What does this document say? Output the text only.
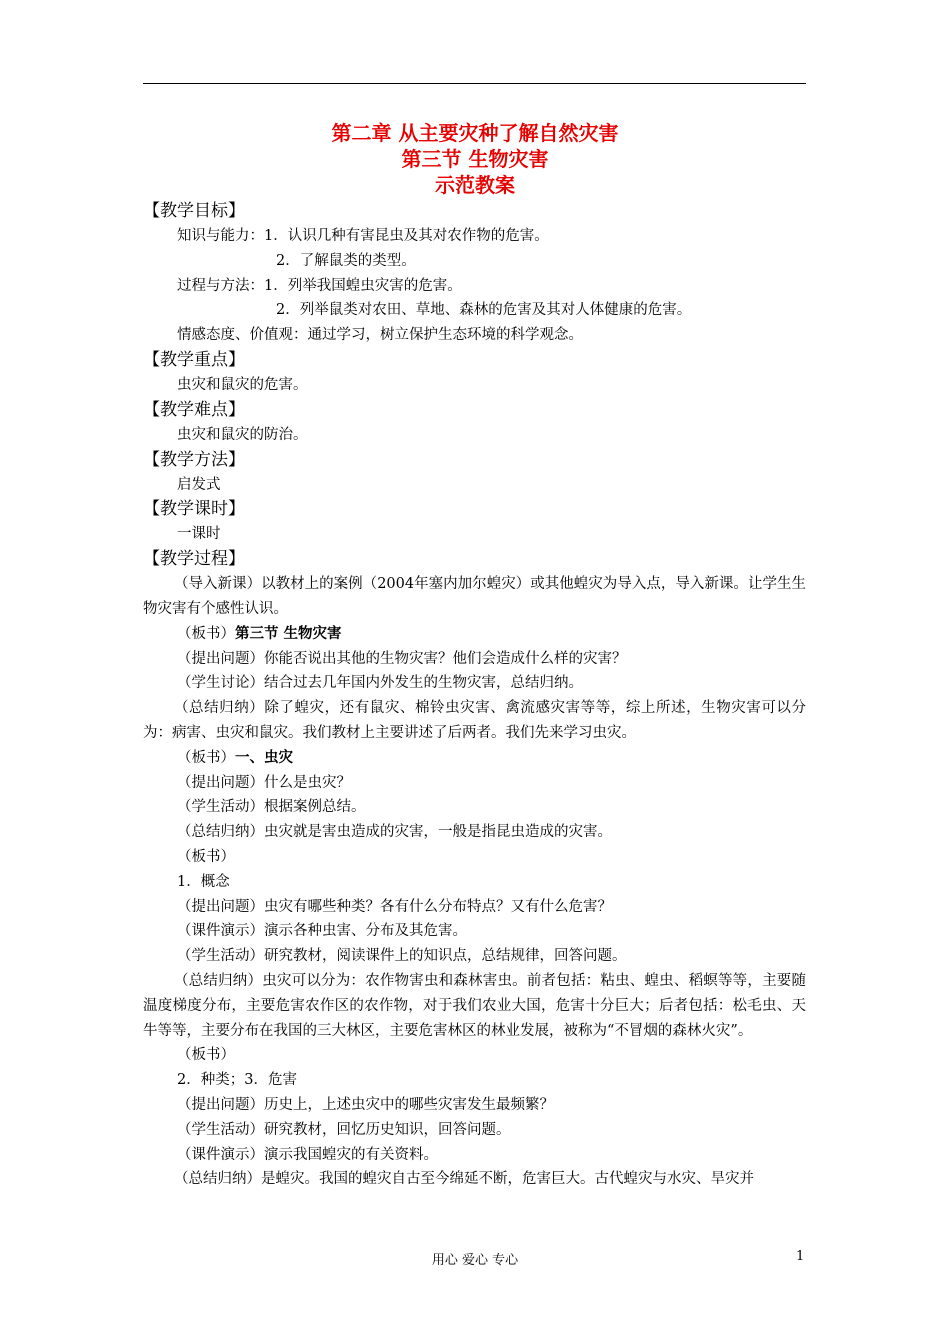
第二章 从主要灾种了解自然灾害
第三节 生物灾害
示范教案
【教学目标】
知识与能力：1．认识几种有害昆虫及其对农作物的危害。
2．了解鼠类的类型。
过程与方法：1．列举我国蝗虫灾害的危害。
2．列举鼠类对农田、草地、森林的危害及其对人体健康的危害。
情感态度、价值观：通过学习，树立保护生态环境的科学观念。
【教学重点】
虫灾和鼠灾的危害。
【教学难点】
虫灾和鼠灾的防治。
【教学方法】
启发式
【教学课时】
一课时
【教学过程】
（导入新课）以教材上的案例（2004年塞内加尔蝗灾）或其他蝗灾为导入点，导入新课。让学生生物灾害有个感性认识。
（板书）第三节 生物灾害
（提出问题）你能否说出其他的生物灾害？他们会造成什么样的灾害？
（学生讨论）结合过去几年国内外发生的生物灾害，总结归纳。
（总结归纳）除了蝗灾，还有鼠灾、棉铃虫灾害、禽流感灾害等等，综上所述，生物灾害可以分为：病害、虫灾和鼠灾。我们教材上主要讲述了后两者。我们先来学习虫灾。
（板书）一、虫灾
（提出问题）什么是虫灾？
（学生活动）根据案例总结。
（总结归纳）虫灾就是害虫造成的灾害，一般是指昆虫造成的灾害。
（板书）
1．概念
（提出问题）虫灾有哪些种类？各有什么分布特点？又有什么危害？
（课件演示）演示各种虫害、分布及其危害。
（学生活动）研究教材，阅读课件上的知识点，总结规律，回答问题。
（总结归纳）虫灾可以分为：农作物害虫和森林害虫。前者包括：粘虫、蝗虫、稻螟等等，主要随温度梯度分布，主要危害农作区的农作物，对于我们农业大国，危害十分巨大；后者包括：松毛虫、天牛等等，主要分布在我国的三大林区，主要危害林区的林业发展，被称为“不冒烟的森林火灾”。
（板书）
2．种类；3．危害
（提出问题）历史上，上述虫灾中的哪些灾害发生最频繁？
（学生活动）研究教材，回忆历史知识，回答问题。
（课件演示）演示我国蝗灾的有关资料。
（总结归纳）是蝗灾。我国的蝗灾自古至今绵延不断，危害巨大。古代蝗灾与水灾、旱灾并
用心 爱心 专心	1
